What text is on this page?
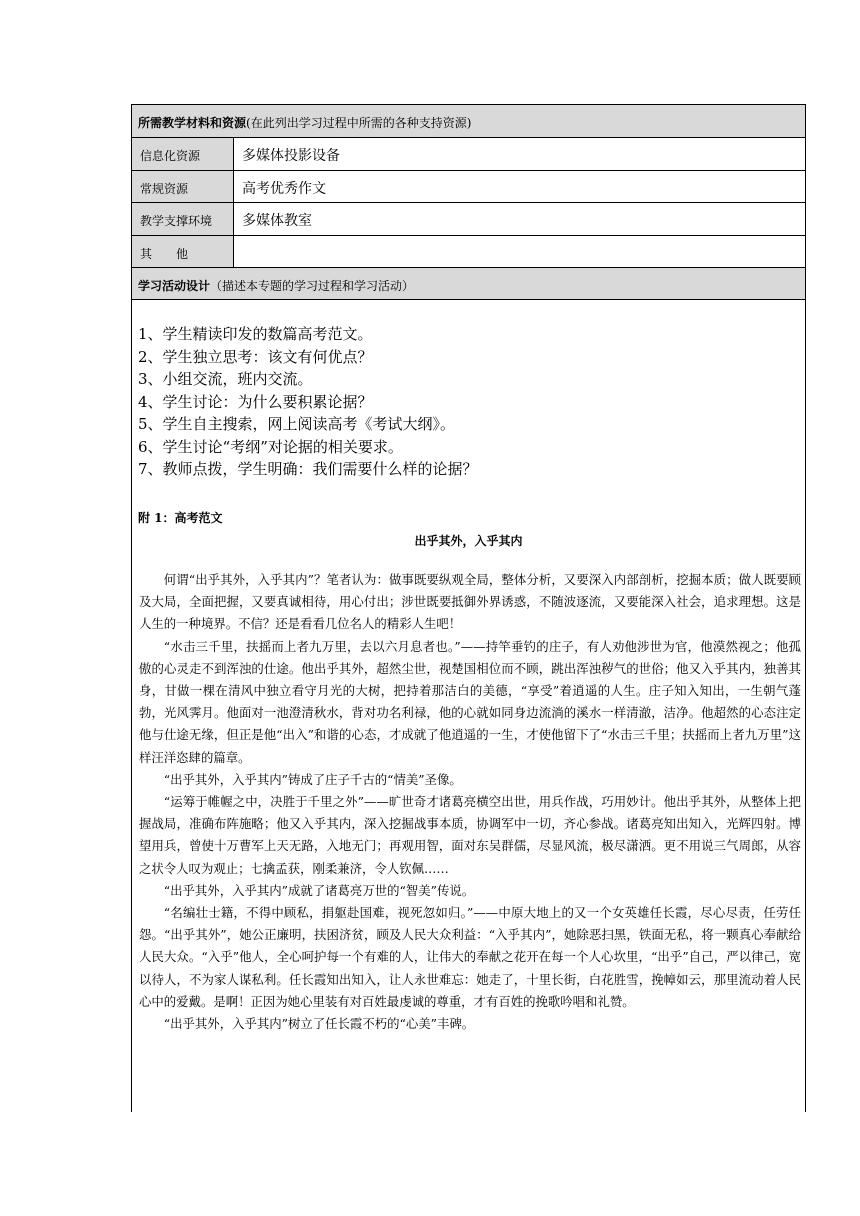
所需教学材料和资源(在此列出学习过程中所需的各种支持资源)
信息化资源	多媒体投影设备
常规资源	高考优秀作文
教学支撑环境 多媒体教室
其　　他
学习活动设计（描述本专题的学习过程和学习活动）
1、学生精读印发的数篇高考范文。
2、学生独立思考：该文有何优点？
3、小组交流，班内交流。
4、学生讨论：为什么要积累论据？
5、学生自主搜索，网上阅读高考《考试大纲》。
6、学生讨论“考纲”对论据的相关要求。
7、教师点拨，学生明确：我们需要什么样的论据？
附 1：高考范文
出乎其外，入乎其内

何谓“出乎其外，入乎其内”？笔者认为：做事既要纵观全局，整体分析，又要深入内部剖析，挖掘本质；做人既要顾及大局，全面把握，又要真诚相待，用心付出；涉世既要抵御外界诱惑，不随波逐流，又要能深入社会，追求理想。这是人生的一种境界。不信？还是看看几位名人的精彩人生吧！

“水击三千里，扶摇而上者九万里，去以六月息者也。”——持竿垂钓的庄子，有人劝他涉世为官，他漠然视之；他孤傲的心灵走不到浑浊的仕途。他出乎其外，超然尘世，视楚国相位而不顾，跳出浑浊秽气的世俗；他又入乎其内，独善其身，甘做一棵在清风中独立看守月光的大树，把持着那洁白的美德，“享受”着逍遥的人生。庄子知入知出，一生朝气蓬勃，光风霁月。他面对一池澄清秋水，背对功名利禄，他的心就如同身边流淌的溪水一样清澈，洁净。他超然的心态注定他与仕途无缘，但正是他“出入”和谐的心态，才成就了他逍遥的一生，才使他留下了“水击三千里；扶摇而上者九万里”这样汪洋恣肆的篇章。

“出乎其外，入乎其内”铸成了庄子千古的“情美”圣像。

“运筹于帷幄之中，决胜于千里之外”——旷世奇才诸葛亮横空出世，用兵作战，巧用妙计。他出乎其外，从整体上把握战局，准确布阵施略；他又入乎其内，深入挖掘战事本质，协调军中一切，齐心参战。诸葛亮知出知入，光辉四射。博望用兵，曾使十万曹军上天无路，入地无门；再观用智，面对东吴群儒，尽显风流，极尽潇洒。更不用说三气周郎，从容之状令人叹为观止；七擒孟获，刚柔兼济，令人钦佩……

“出乎其外，入乎其内”成就了诸葛亮万世的“智美”传说。

“名编壮士籍，不得中顾私，捐躯赴国难，视死忽如归。”——中原大地上的又一个女英雄任长霞，尽心尽责，任劳任怨。“出乎其外”，她公正廉明，扶困济贫，顾及人民大众利益：“入乎其内”，她除恶扫黑，铁面无私，将一颗真心奉献给人民大众。“入乎”他人，全心呵护每一个有难的人，让伟大的奉献之花开在每一个人心坎里，“出乎”自己，严以律己，宽以待人，不为家人谋私利。任长霞知出知入，让人永世难忘：她走了，十里长街，白花胜雪，挽幛如云，那里流动着人民心中的爱戴。是啊！正因为她心里装有对百姓最虔诚的尊重，才有百姓的挽歌吟唱和礼赞。

“出乎其外，入乎其内”树立了任长霞不朽的“心美”丰碑。
